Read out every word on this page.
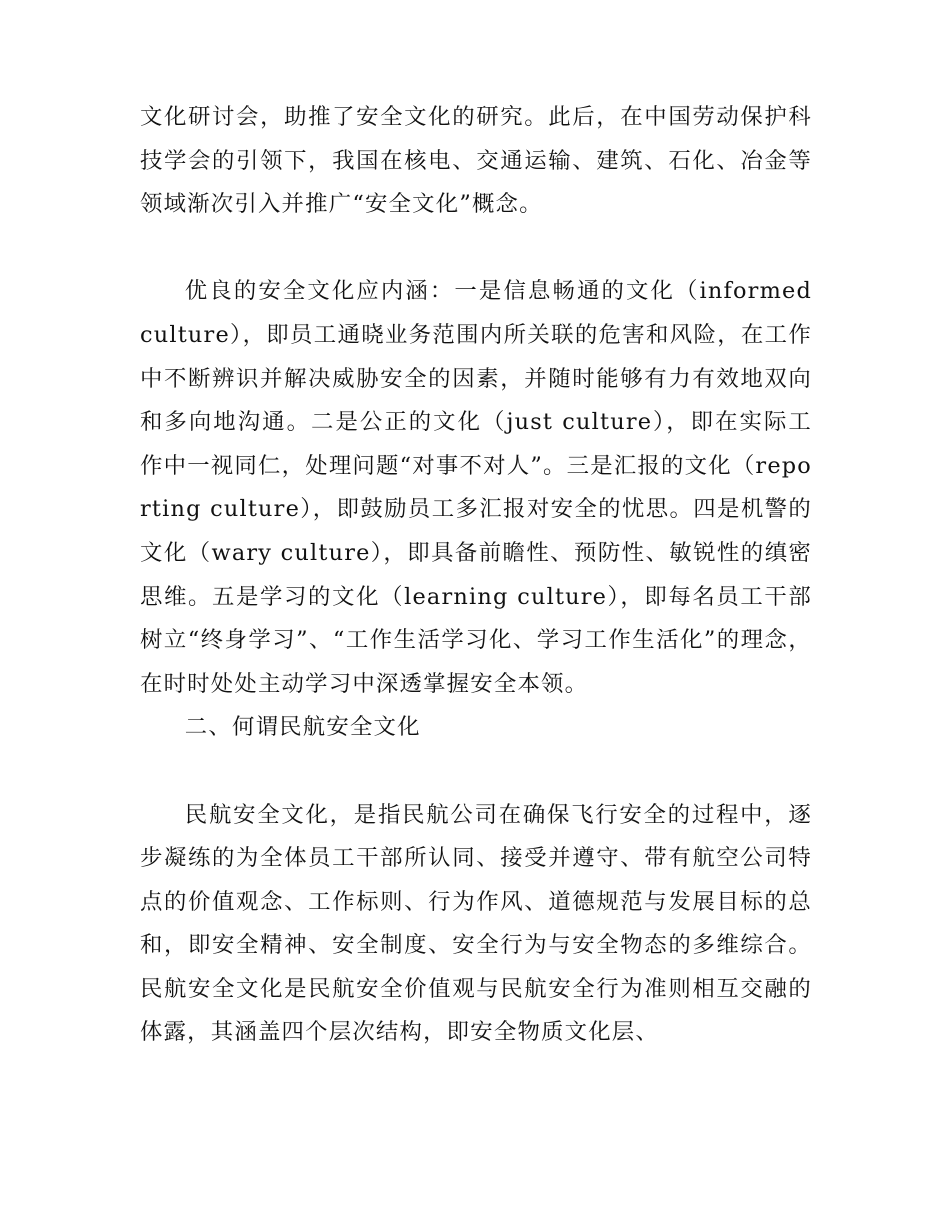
文化研讨会，助推了安全文化的研究。此后，在中国劳动保护科技学会的引领下，我国在核电、交通运输、建筑、石化、冶金等领域渐次引入并推广“安全文化”概念。

优良的安全文化应内涵：一是信息畅通的文化（informed culture），即员工通晓业务范围内所关联的危害和风险，在工作中不断辨识并解决威胁安全的因素，并随时能够有力有效地双向和多向地沟通。二是公正的文化（just culture），即在实际工作中一视同仁，处理问题“对事不对人”。三是汇报的文化（reporting culture），即鼓励员工多汇报对安全的忧思。四是机警的文化（wary culture），即具备前瞻性、预防性、敏锐性的缜密思维。五是学习的文化（learning culture），即每名员工干部树立“终身学习”、“工作生活学习化、学习工作生活化”的理念，在时时处处主动学习中深透掌握安全本领。

二、何谓民航安全文化

民航安全文化，是指民航公司在确保飞行安全的过程中，逐步凝练的为全体员工干部所认同、接受并遵守、带有航空公司特点的价值观念、工作标则、行为作风、道德规范与发展目标的总和，即安全精神、安全制度、安全行为与安全物态的多维综合。民航安全文化是民航安全价值观与民航安全行为准则相互交融的体露，其涵盖四个层次结构，即安全物质文化层、
